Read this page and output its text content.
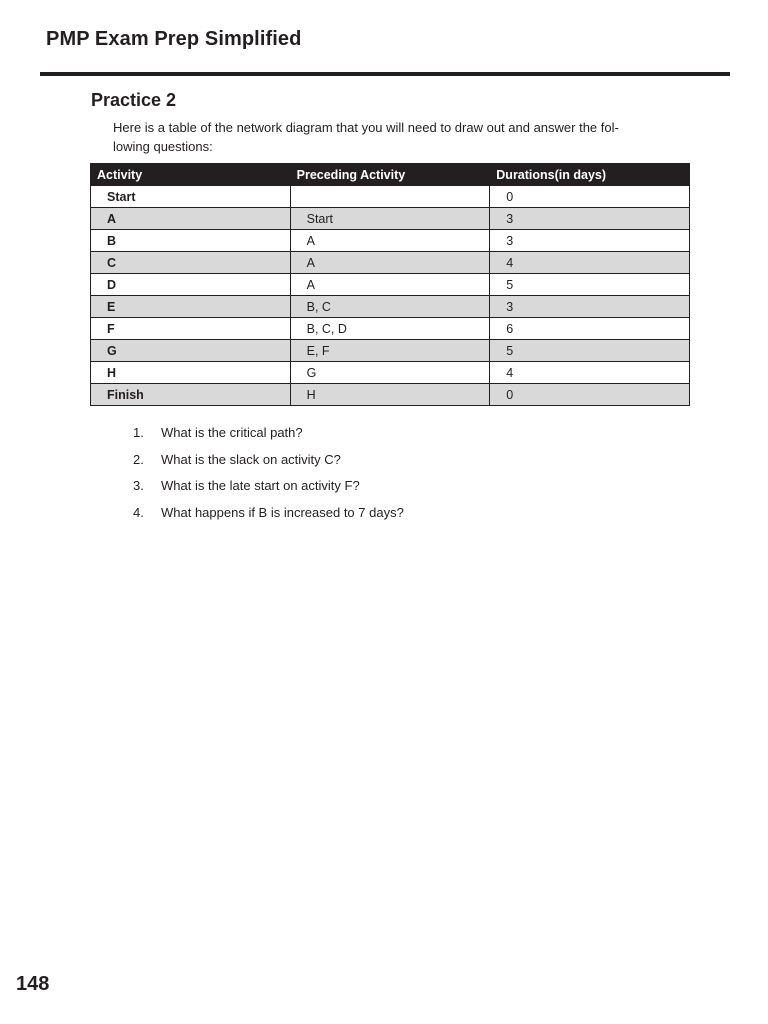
PMP Exam Prep Simplified
Practice 2
Here is a table of the network diagram that you will need to draw out and answer the fol-
lowing questions:
Activity	Preceding Activity	Durations(in days)
Start		0
A	Start	3
B	A	3
C	A	4
D	A	5
E	B, C	3
F	B, C, D	6
G	E, F	5
H	G	4
Finish	H	0
1.	What is the critical path?
2.	What is the slack on activity C?
3.	What is the late start on activity F?
4.	What happens if B is increased to 7 days?
148
